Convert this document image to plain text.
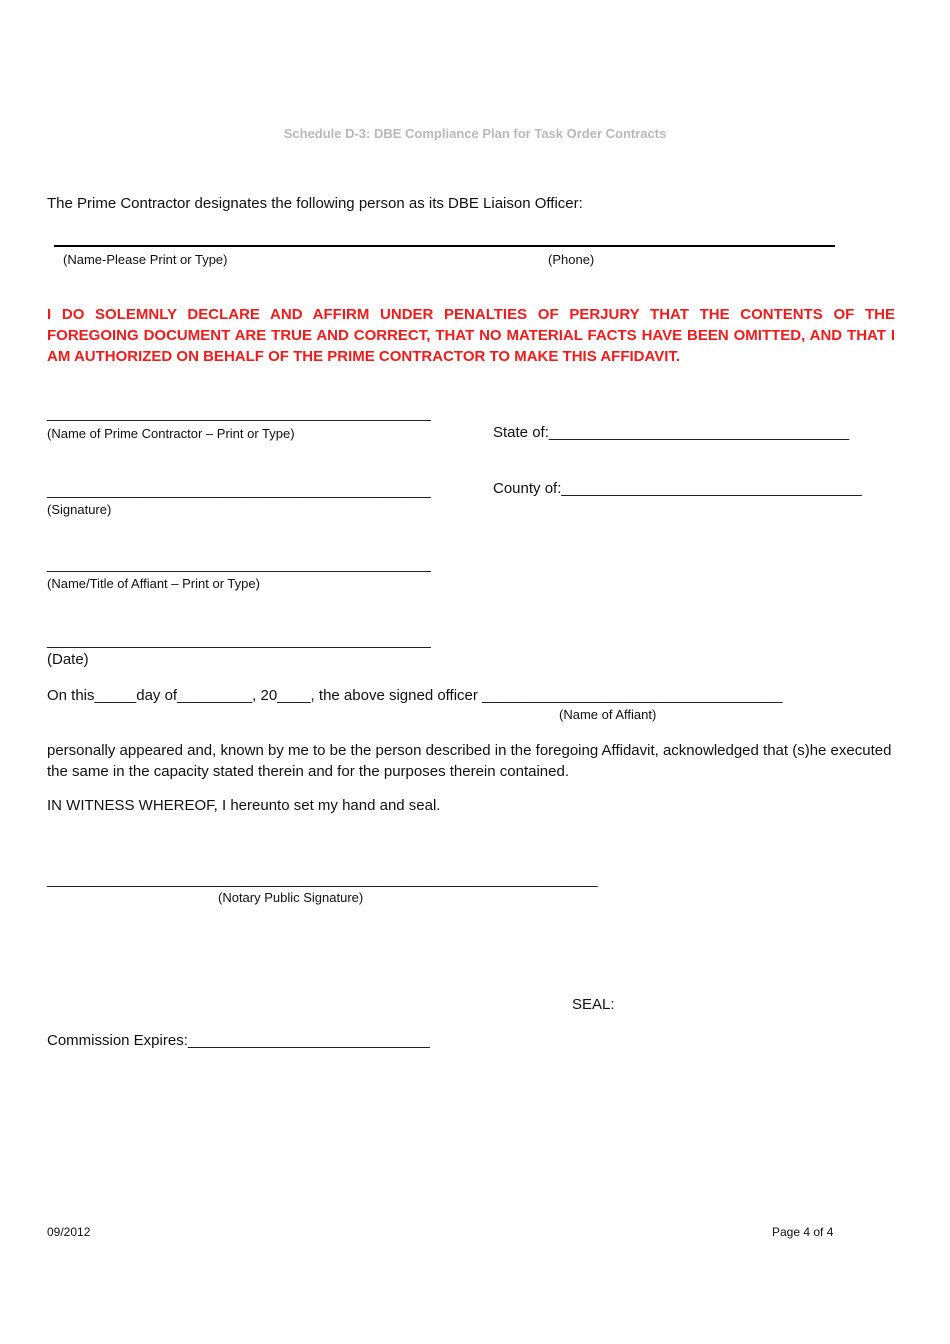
Schedule D-3: DBE Compliance Plan for Task Order Contracts
The Prime Contractor designates the following person as its DBE Liaison Officer:
(Name-Please Print or Type)	(Phone)
I DO SOLEMNLY DECLARE AND AFFIRM UNDER PENALTIES OF PERJURY THAT THE CONTENTS OF THE FOREGOING DOCUMENT ARE TRUE AND CORRECT, THAT NO MATERIAL FACTS HAVE BEEN OMITTED, AND THAT I AM AUTHORIZED ON BEHALF OF THE PRIME CONTRACTOR TO MAKE THIS AFFIDAVIT.
______________________________________________
(Name of Prime Contractor – Print or Type)	State of:____________________________________
______________________________________________	County of:____________________________________
(Signature)
______________________________________________
(Name/Title of Affiant – Print or Type)
______________________________________________
(Date)
On this_____day of_________, 20____, the above signed officer ____________________________________
(Name of Affiant)
personally appeared and, known by me to be the person described in the foregoing Affidavit, acknowledged that (s)he executed the same in the capacity stated therein and for the purposes therein contained.
IN WITNESS WHEREOF, I hereunto set my hand and seal.
__________________________________________________________________
(Notary Public Signature)
SEAL:
Commission Expires:_____________________________
09/2012	Page 4 of 4
